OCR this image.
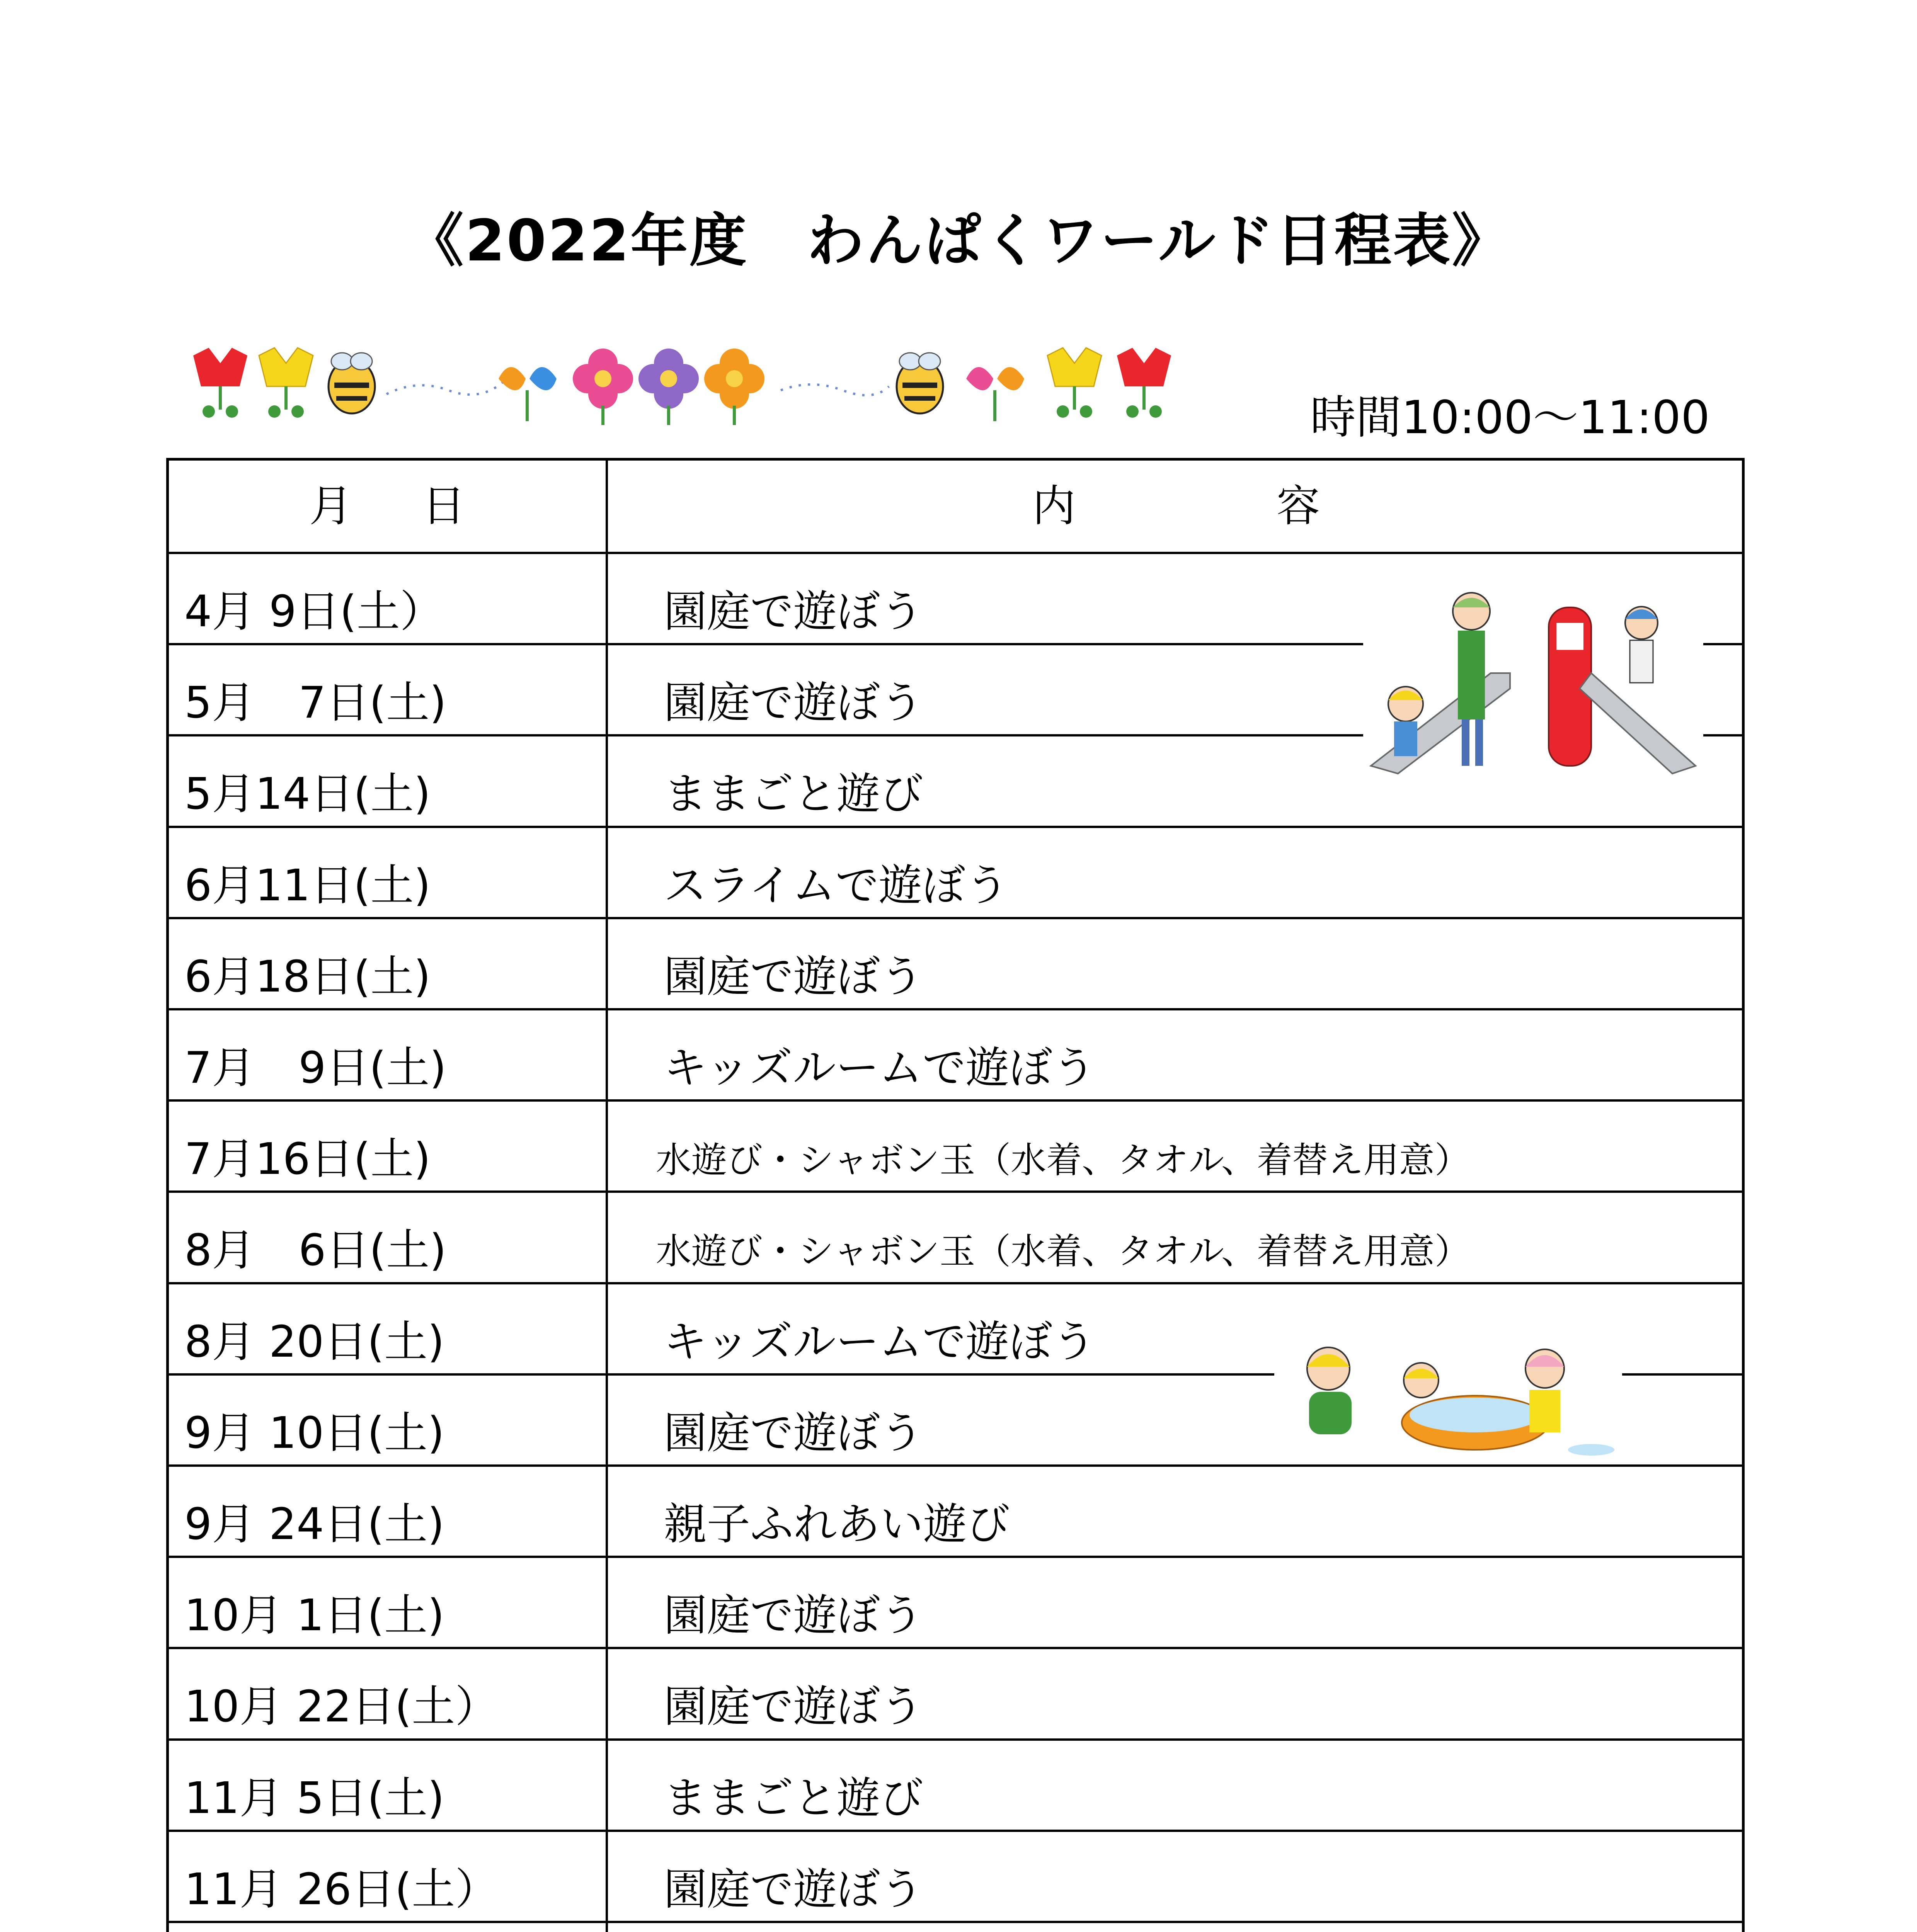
《2022年度　わんぱくワールド日程表》
時間10:00～11:00
月日	内容
4月 9日(土）	園庭で遊ぼう
5月　7日(土)	園庭で遊ぼう
5月14日(土)	ままごと遊び
6月11日(土)	スライムで遊ぼう
6月18日(土)	園庭で遊ぼう
7月　9日(土)	キッズルームで遊ぼう
7月16日(土)	水遊び・シャボン玉（水着、タオル、着替え用意）
8月　6日(土)	水遊び・シャボン玉（水着、タオル、着替え用意）
8月 20日(土)	キッズルームで遊ぼう
9月 10日(土)	園庭で遊ぼう
9月 24日(土)	親子ふれあい遊び
10月 1日(土)	園庭で遊ぼう
10月 22日(土）	園庭で遊ぼう
11月 5日(土)	ままごと遊び
11月 26日(土）	園庭で遊ぼう
